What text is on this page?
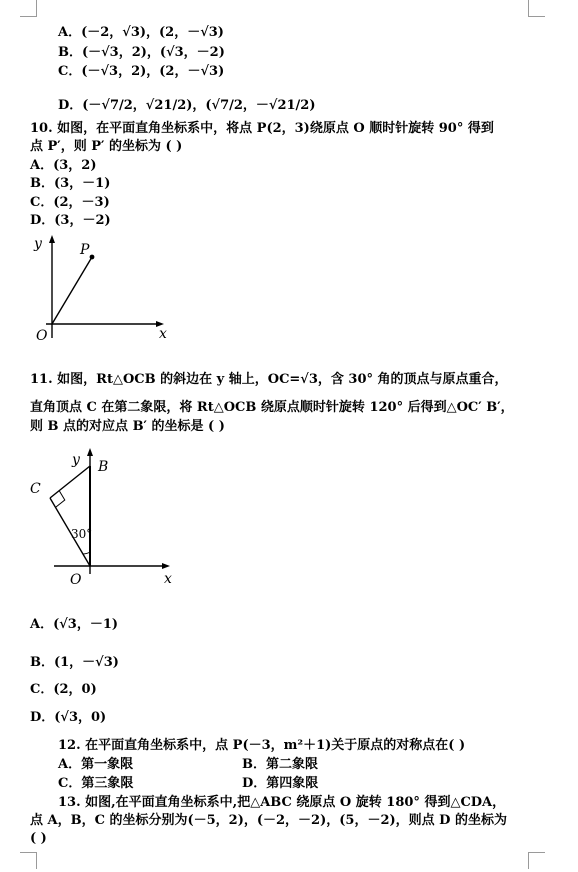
A．(－2，√3)，(2，－√3)
B．(－√3，2)，(√3，－2)
C．(－√3，2)，(2，－√3)
D．(－√7/2，√21/2)，(√7/2，－√21/2)
10. 如图，在平面直角坐标系中，将点 P(2，3)绕原点 O 顺时针旋转 90° 得到
点 P′，则 P′ 的坐标为 ( )
A．(3，2)
B．(3，－1)
C．(2，－3)
D．(3，－2)
y
x
O
P
11. 如图，Rt△OCB 的斜边在 y 轴上，OC=√3，含 30° 角的顶点与原点重合，
直角顶点 C 在第二象限，将 Rt△OCB 绕原点顺时针旋转 120° 后得到△OC′ B′，
则 B 点的对应点 B′ 的坐标是 ( )
y B
C
30°
O	x
A．(√3，－1)
B．(1，－√3)
C．(2，0)
D．(√3，0)
12. 在平面直角坐标系中，点 P(－3，m²＋1)关于原点的对称点在( )
A．第一象限	B．第二象限
C．第三象限	D．第四象限
13. 如图,在平面直角坐标系中,把△ABC 绕原点 O 旋转 180° 得到△CDA，
点 A，B，C 的坐标分别为(－5，2)，(－2，－2)，(5，－2)，则点 D 的坐标为
( )
